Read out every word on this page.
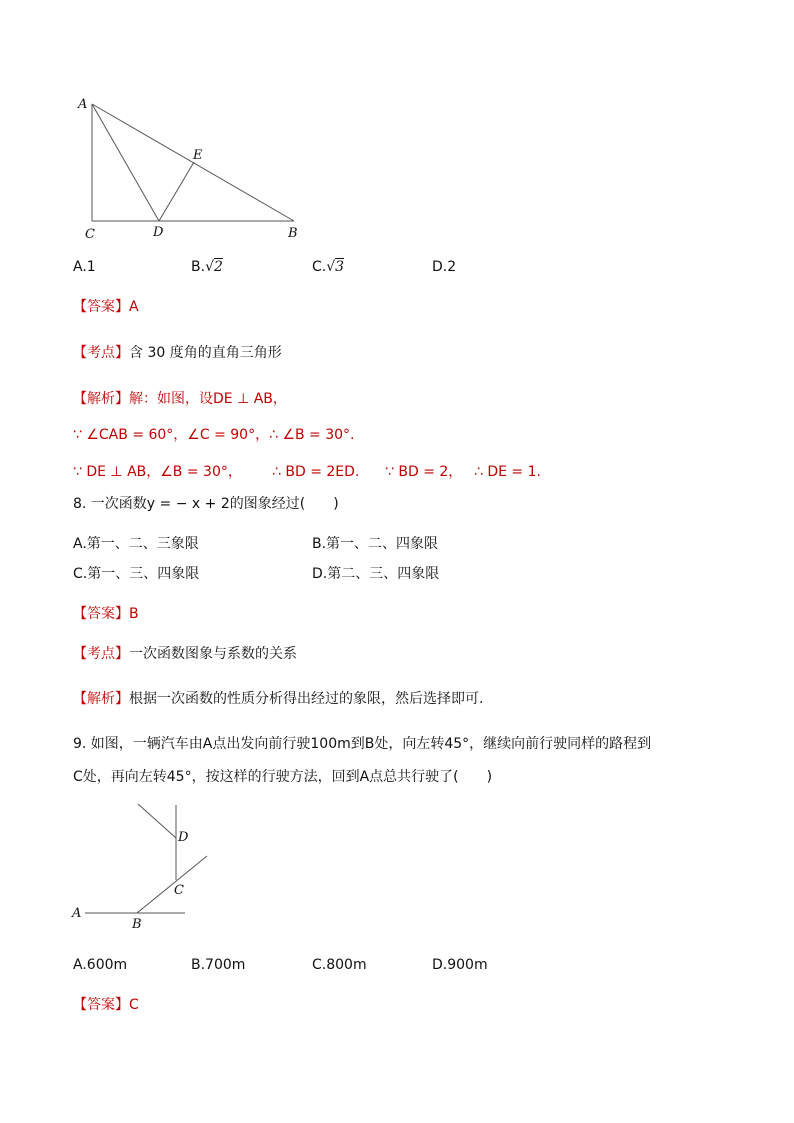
A
E
C	D	B
A.1	B.√2	C.√3	D.2
【答案】A
【考点】含 30 度角的直角三角形
【解析】解：如图，设DE ⊥ AB，
∵ ∠CAB = 60°，∠C = 90°，∴ ∠B = 30°.
∵ DE ⊥ AB，∠B = 30°， ∴ BD = 2ED. ∵ BD = 2， ∴ DE = 1.
8. 一次函数y = − x + 2的图象经过(　　)
A.第一、二、三象限	B.第一、二、四象限
C.第一、三、四象限	D.第二、三、四象限
【答案】B
【考点】一次函数图象与系数的关系
【解析】根据一次函数的性质分析得出经过的象限，然后选择即可.
9. 如图，一辆汽车由A点出发向前行驶100m到B处，向左转45°，继续向前行驶同样的路程到
C处，再向左转45°，按这样的行驶方法，回到A点总共行驶了(　　)
A
B
C
D
A.600m	B.700m	C.800m	D.900m
【答案】C
